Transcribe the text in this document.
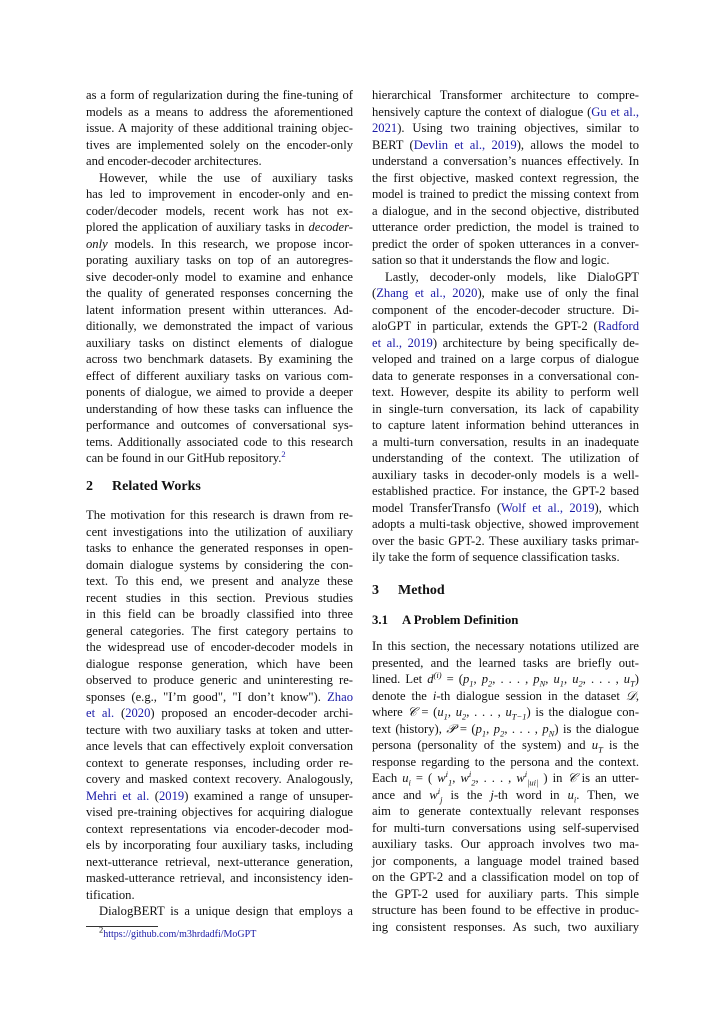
as a form of regularization during the fine-tuning of
models as a means to address the aforementioned
issue. A majority of these additional training objec-
tives are implemented solely on the encoder-only
and encoder-decoder architectures.
However, while the use of auxiliary tasks
has led to improvement in encoder-only and en-
coder/decoder models, recent work has not ex-
plored the application of auxiliary tasks in decoder-
only models. In this research, we propose incor-
porating auxiliary tasks on top of an autoregres-
sive decoder-only model to examine and enhance
the quality of generated responses concerning the
latent information present within utterances. Ad-
ditionally, we demonstrated the impact of various
auxiliary tasks on distinct elements of dialogue
across two benchmark datasets. By examining the
effect of different auxiliary tasks on various com-
ponents of dialogue, we aimed to provide a deeper
understanding of how these tasks can influence the
performance and outcomes of conversational sys-
tems. Additionally associated code to this research
can be found in our GitHub repository.$^2$
2 Related Works
The motivation for this research is drawn from re-
cent investigations into the utilization of auxiliary
tasks to enhance the generated responses in open-
domain dialogue systems by considering the con-
text. To this end, we present and analyze these
recent studies in this section. Previous studies
in this field can be broadly classified into three
general categories. The first category pertains to
the widespread use of encoder-decoder models in
dialogue response generation, which have been
observed to produce generic and uninteresting re-
sponses (e.g., "I’m good", "I don’t know"). Zhao
et al. (2020) proposed an encoder-decoder archi-
tecture with two auxiliary tasks at token and utter-
ance levels that can effectively exploit conversation
context to generate responses, including order re-
covery and masked context recovery. Analogously,
Mehri et al. (2019) examined a range of unsuper-
vised pre-training objectives for acquiring dialogue
context representations via encoder-decoder mod-
els by incorporating four auxiliary tasks, including
next-utterance retrieval, next-utterance generation,
masked-utterance retrieval, and inconsistency iden-
tification.
DialogBERT is a unique design that employs a
$^2$https://github.com/m3hrdadfi/MoGPT
hierarchical Transformer architecture to compre-
hensively capture the context of dialogue (Gu et al.,
2021). Using two training objectives, similar to
BERT (Devlin et al., 2019), allows the model to
understand a conversation’s nuances effectively. In
the first objective, masked context regression, the
model is trained to predict the missing context from
a dialogue, and in the second objective, distributed
utterance order prediction, the model is trained to
predict the order of spoken utterances in a conver-
sation so that it understands the flow and logic.
Lastly, decoder-only models, like DialoGPT
(Zhang et al., 2020), make use of only the final
component of the encoder-decoder structure. Di-
aloGPT in particular, extends the GPT-2 (Radford
et al., 2019) architecture by being specifically de-
veloped and trained on a large corpus of dialogue
data to generate responses in a conversational con-
text. However, despite its ability to perform well
in single-turn conversation, its lack of capability
to capture latent information behind utterances in
a multi-turn conversation, results in an inadequate
understanding of the context. The utilization of
auxiliary tasks in decoder-only models is a well-
established practice. For instance, the GPT-2 based
model TransferTransfo (Wolf et al., 2019), which
adopts a multi-task objective, showed improvement
over the basic GPT-2. These auxiliary tasks primar-
ily take the form of sequence classification tasks.
3 Method
3.1 A Problem Definition
In this section, the necessary notations utilized are
presented, and the learned tasks are briefly out-
lined. Let $d^{(i)} = (p_1$, $p_2$, . . . , $p_N$, $u_1$, $u_2$, . . . , $u_T$)
denote the i-th dialogue session in the dataset 𝒟,
where 𝒞 = ($u_1$, $u_2$, . . . , $u_{T-1}$) is the dialogue con-
text (history), 𝒫 = ($p_1$, $p_2$, . . . , $p_N$) is the dialogue
persona (personality of the system) and $u_T$ is the
response regarding to the persona and the context.
Each $u_i$ = ( $w^i_1$, $w^i_2$, . . . , $w^i_{|ui|}$ ) in 𝒞 is an utter-
ance and $w^i_j$ is the j-th word in $u_i$. Then, we
aim to generate contextually relevant responses
for multi-turn conversations using self-supervised
auxiliary tasks. Our approach involves two ma-
jor components, a language model trained based
on the GPT-2 and a classification model on top of
the GPT-2 used for auxiliary parts. This simple
structure has been found to be effective in produc-
ing consistent responses. As such, two auxiliary
